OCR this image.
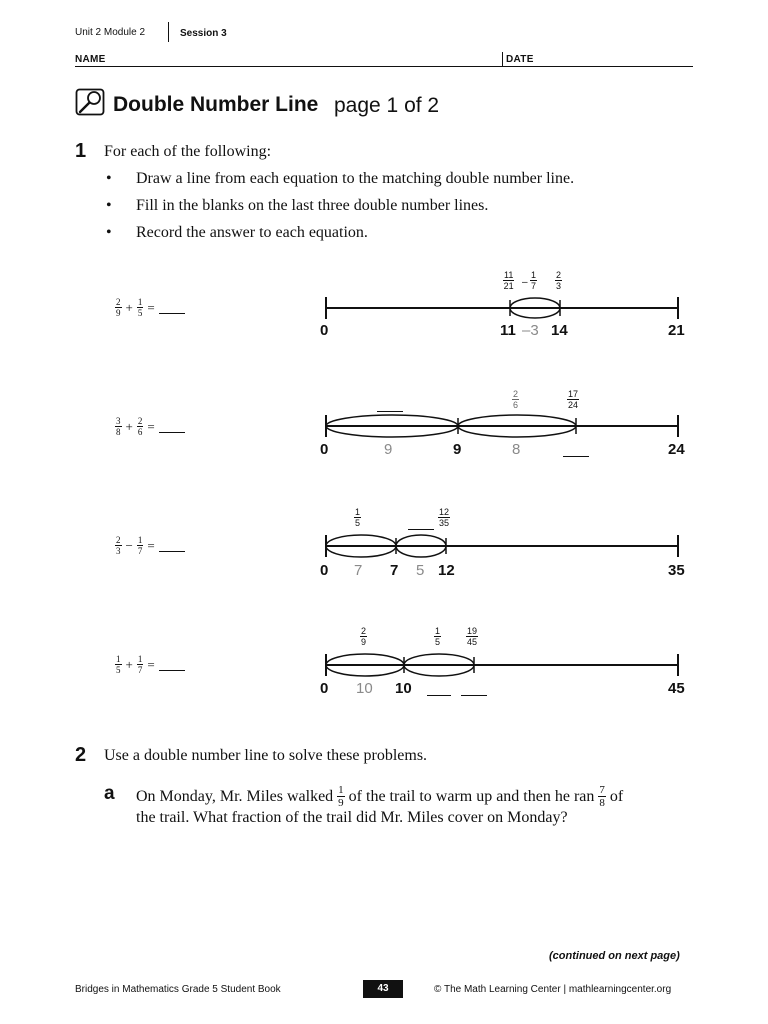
Unit 2 Module 2	Session 3
NAME	DATE
Double Number Line page 1 of 2
1 For each of the following:
• Draw a line from each equation to the matching double number line.
• Fill in the blanks on the last three double number lines.
• Record the answer to each equation.
$\frac{2}{9} + \frac{1}{5}$ =
$\frac{3}{8} + \frac{2}{6}$ =
$\frac{2}{3} - \frac{1}{7}$ =
$\frac{1}{5} + \frac{1}{7}$ =
$\frac{11}{21} - \frac{1}{7} \frac{2}{3}$
0	11 –3 14	21
$\frac{2}{6}$	$\frac{17}{24}$
0	9	9	8	24
$\frac{1}{5}$	$\frac{12}{35}$
0 7 7 5 12	35
$\frac{2}{9}$	$\frac{1}{5}$	$\frac{19}{45}$
0 10 10	45
2 Use a double number line to solve these problems.
a On Monday, Mr. Miles walked $\frac{1}{9}$ of the trail to warm up and then he ran $\frac{7}{8}$ of
the trail. What fraction of the trail did Mr. Miles cover on Monday?
(continued on next page)
Bridges in Mathematics Grade 5 Student Book	43	© The Math Learning Center | mathlearningcenter.org
